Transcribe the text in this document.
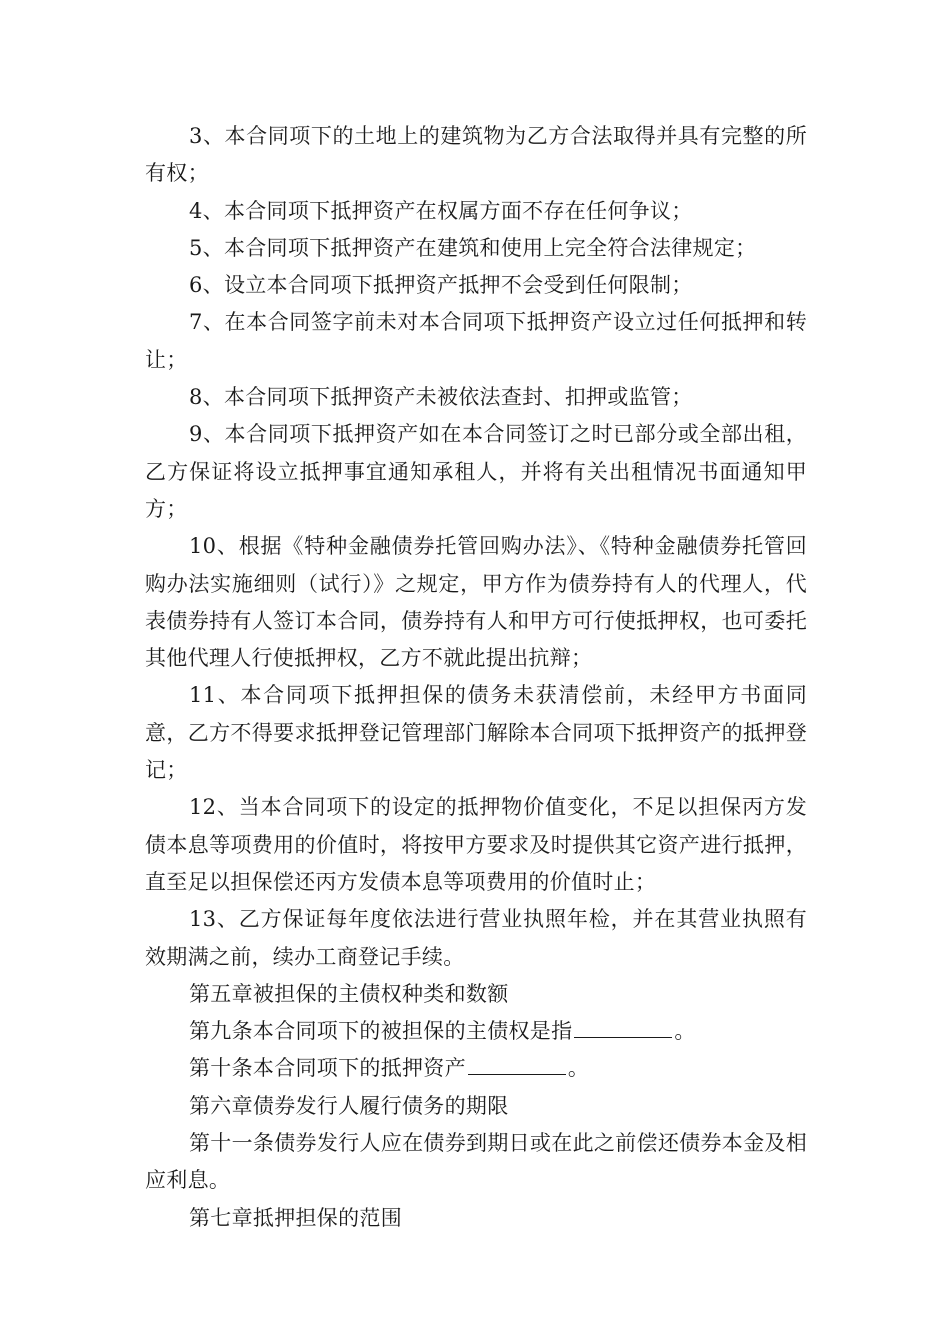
3、本合同项下的土地上的建筑物为乙方合法取得并具有完整的所有权；

4、本合同项下抵押资产在权属方面不存在任何争议；

5、本合同项下抵押资产在建筑和使用上完全符合法律规定；

6、设立本合同项下抵押资产抵押不会受到任何限制；

7、在本合同签字前未对本合同项下抵押资产设立过任何抵押和转让；

8、本合同项下抵押资产未被依法查封、扣押或监管；

9、本合同项下抵押资产如在本合同签订之时已部分或全部出租，乙方保证将设立抵押事宜通知承租人，并将有关出租情况书面通知甲方；

10、根据《特种金融债券托管回购办法》、《特种金融债券托管回购办法实施细则（试行）》之规定，甲方作为债券持有人的代理人，代表债券持有人签订本合同，债券持有人和甲方可行使抵押权，也可委托其他代理人行使抵押权，乙方不就此提出抗辩；

11、本合同项下抵押担保的债务未获清偿前，未经甲方书面同意，乙方不得要求抵押登记管理部门解除本合同项下抵押资产的抵押登记；

12、当本合同项下的设定的抵押物价值变化，不足以担保丙方发债本息等项费用的价值时，将按甲方要求及时提供其它资产进行抵押，直至足以担保偿还丙方发债本息等项费用的价值时止；

13、乙方保证每年度依法进行营业执照年检，并在其营业执照有效期满之前，续办工商登记手续。

第五章被担保的主债权种类和数额

第九条本合同项下的被担保的主债权是指	。

第十条本合同项下的抵押资产	。

第六章债券发行人履行债务的期限

第十一条债券发行人应在债券到期日或在此之前偿还债券本金及相应利息。

第七章抵押担保的范围
